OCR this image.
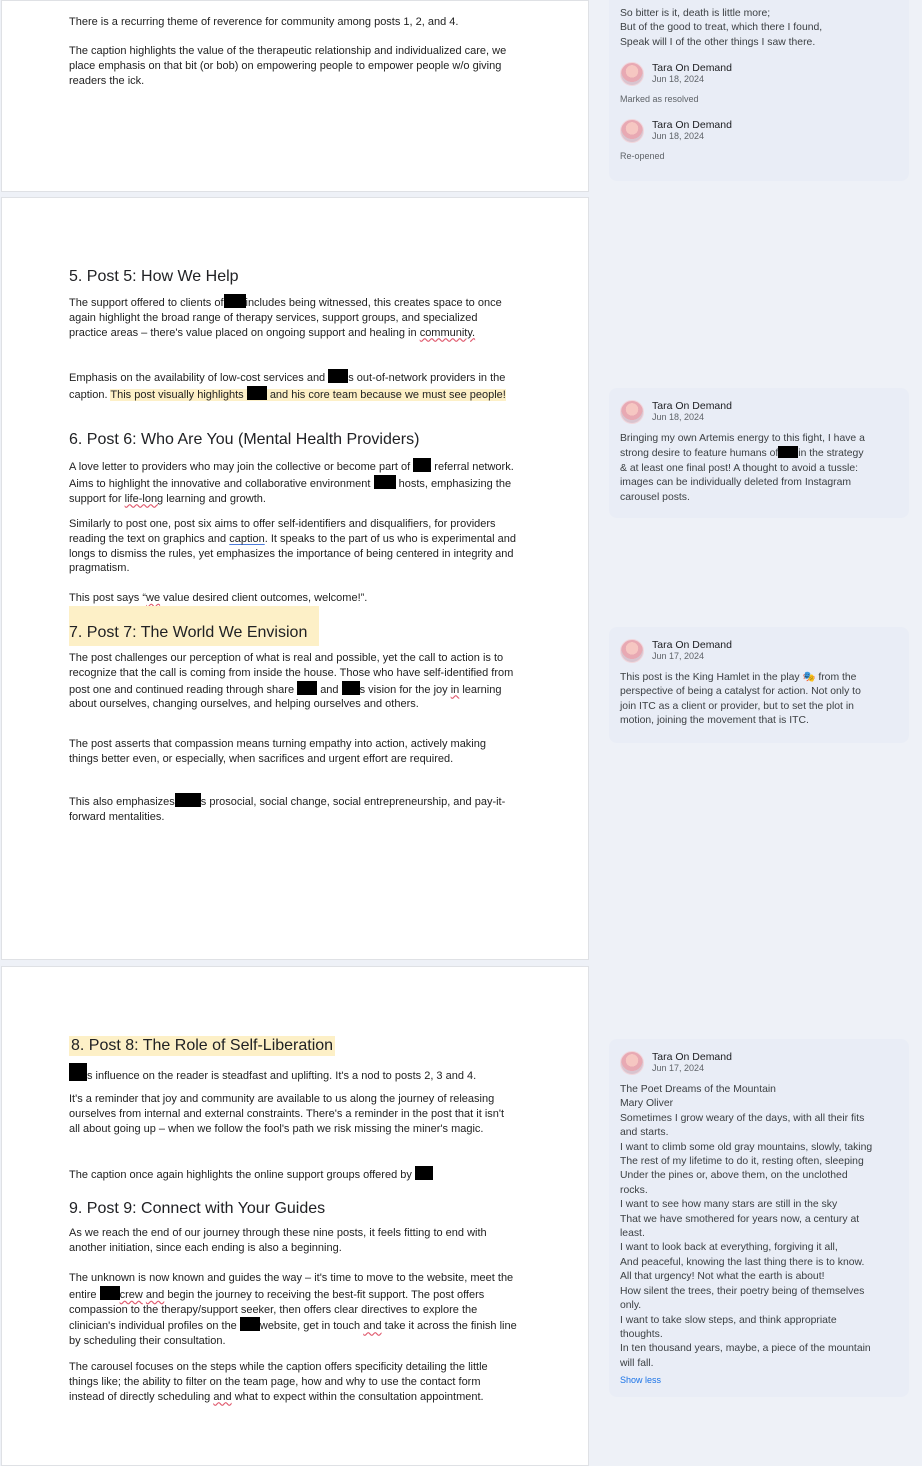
There is a recurring theme of reverence for community among posts 1, 2, and 4.

The caption highlights the value of the therapeutic relationship and individualized care, we place emphasis on that bit (or bob) on empowering people to empower people w/o giving readers the ick.

5. Post 5: How We Help

The support offered to clients of includes being witnessed, this creates space to once again highlight the broad range of therapy services, support groups, and specialized practice areas – there's value placed on ongoing support and healing in community.

Emphasis on the availability of low-cost services and s out-of-network providers in the caption. This post visually highlights and his core team because we must see people!

6. Post 6: Who Are You (Mental Health Providers)

A love letter to providers who may join the collective or become part of referral network. Aims to highlight the innovative and collaborative environment	hosts, emphasizing the support for life-long learning and growth.

Similarly to post one, post six aims to offer self-identifiers and disqualifiers, for providers reading the text on graphics and caption. It speaks to the part of us who is experimental and longs to dismiss the rules, yet emphasizes the importance of being centered in integrity and pragmatism.

This post says “we value desired client outcomes, welcome!”.

7. Post 7: The World We Envision

The post challenges our perception of what is real and possible, yet the call to action is to recognize that the call is coming from inside the house. Those who have self-identified from post one and continued reading through share and s vision for the joy in learning about ourselves, changing ourselves, and helping ourselves and others.

The post asserts that compassion means turning empathy into action, actively making things better even, or especially, when sacrifices and urgent effort are required.

This also emphasizes s prosocial, social change, social entrepreneurship, and pay-it-forward mentalities.

8. Post 8: The Role of Self-Liberation

s influence on the reader is steadfast and uplifting. It's a nod to posts 2, 3 and 4.

It's a reminder that joy and community are available to us along the journey of releasing ourselves from internal and external constraints. There's a reminder in the post that it isn't all about going up – when we follow the fool's path we risk missing the miner's magic.

The caption once again highlights the online support groups offered by

9. Post 9: Connect with Your Guides

As we reach the end of our journey through these nine posts, it feels fitting to end with another initiation, since each ending is also a beginning.

The unknown is now known and guides the way – it's time to move to the website, meet the entire crew and begin the journey to receiving the best-fit support. The post offers compassion to the therapy/support seeker, then offers clear directives to explore the clinician's individual profiles on the website, get in touch and take it across the finish line by scheduling their consultation.

The carousel focuses on the steps while the caption offers specificity detailing the little things like; the ability to filter on the team page, how and why to use the contact form instead of directly scheduling and what to expect within the consultation appointment.

So bitter is it, death is little more;
But of the good to treat, which there I found,
Speak will I of the other things I saw there.
Tara On Demand
Jun 18, 2024
Marked as resolved
Tara On Demand
Jun 18, 2024
Re-opened
Tara On Demand
Jun 18, 2024
Bringing my own Artemis energy to this fight, I have a
strong desire to feature humans of in the strategy
& at least one final post! A thought to avoid a tussle:
images can be individually deleted from Instagram
carousel posts.
Tara On Demand
Jun 17, 2024
This post is the King Hamlet in the play 🎭 from the
perspective of being a catalyst for action. Not only to
join ITC as a client or provider, but to set the plot in
motion, joining the movement that is ITC.
Tara On Demand
Jun 17, 2024
The Poet Dreams of the Mountain
Mary Oliver
Sometimes I grow weary of the days, with all their fits
and starts.
I want to climb some old gray mountains, slowly, taking
The rest of my lifetime to do it, resting often, sleeping
Under the pines or, above them, on the unclothed
rocks.
I want to see how many stars are still in the sky
That we have smothered for years now, a century at
least.
I want to look back at everything, forgiving it all,
And peaceful, knowing the last thing there is to know.
All that urgency! Not what the earth is about!
How silent the trees, their poetry being of themselves
only.
I want to take slow steps, and think appropriate
thoughts.
In ten thousand years, maybe, a piece of the mountain
will fall.
Show less
